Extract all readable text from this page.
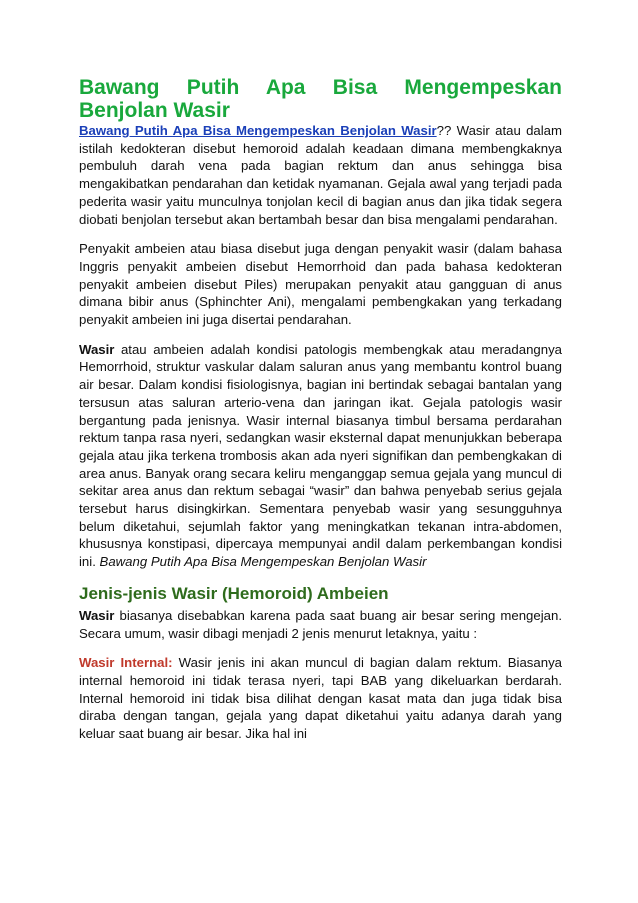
Bawang Putih Apa Bisa Mengempeskan
Benjolan Wasir

Bawang Putih Apa Bisa Mengempeskan Benjolan Wasir?? Wasir atau dalam istilah kedokteran disebut hemoroid adalah keadaan dimana membengkaknya pembuluh darah vena pada bagian rektum dan anus sehingga bisa mengakibatkan pendarahan dan ketidak nyamanan. Gejala awal yang terjadi pada pederita wasir yaitu munculnya tonjolan kecil di bagian anus dan jika tidak segera diobati benjolan tersebut akan bertambah besar dan bisa mengalami pendarahan.

Penyakit ambeien atau biasa disebut juga dengan penyakit wasir (dalam bahasa Inggris penyakit ambeien disebut Hemorrhoid dan pada bahasa kedokteran penyakit ambeien disebut Piles) merupakan penyakit atau gangguan di anus dimana bibir anus (Sphinchter Ani), mengalami pembengkakan yang terkadang penyakit ambeien ini juga disertai pendarahan.

Wasir atau ambeien adalah kondisi patologis membengkak atau meradangnya Hemorrhoid, struktur vaskular dalam saluran anus yang membantu kontrol buang air besar. Dalam kondisi fisiologisnya, bagian ini bertindak sebagai bantalan yang tersusun atas saluran arterio-vena dan jaringan ikat. Gejala patologis wasir bergantung pada jenisnya. Wasir internal biasanya timbul bersama perdarahan rektum tanpa rasa nyeri, sedangkan wasir eksternal dapat menunjukkan beberapa gejala atau jika terkena trombosis akan ada nyeri signifikan dan pembengkakan di area anus. Banyak orang secara keliru menganggap semua gejala yang muncul di sekitar area anus dan rektum sebagai “wasir” dan bahwa penyebab serius gejala tersebut harus disingkirkan. Sementara penyebab wasir yang sesungguhnya belum diketahui, sejumlah faktor yang meningkatkan tekanan intra-abdomen, khususnya konstipasi, dipercaya mempunyai andil dalam perkembangan kondisi ini. Bawang Putih Apa Bisa Mengempeskan Benjolan Wasir

Jenis-jenis Wasir (Hemoroid) Ambeien

Wasir biasanya disebabkan karena pada saat buang air besar sering mengejan. Secara umum, wasir dibagi menjadi 2 jenis menurut letaknya, yaitu :

Wasir Internal: Wasir jenis ini akan muncul di bagian dalam rektum. Biasanya internal hemoroid ini tidak terasa nyeri, tapi BAB yang dikeluarkan berdarah. Internal hemoroid ini tidak bisa dilihat dengan kasat mata dan juga tidak bisa diraba dengan tangan, gejala yang dapat diketahui yaitu adanya darah yang keluar saat buang air besar. Jika hal ini
